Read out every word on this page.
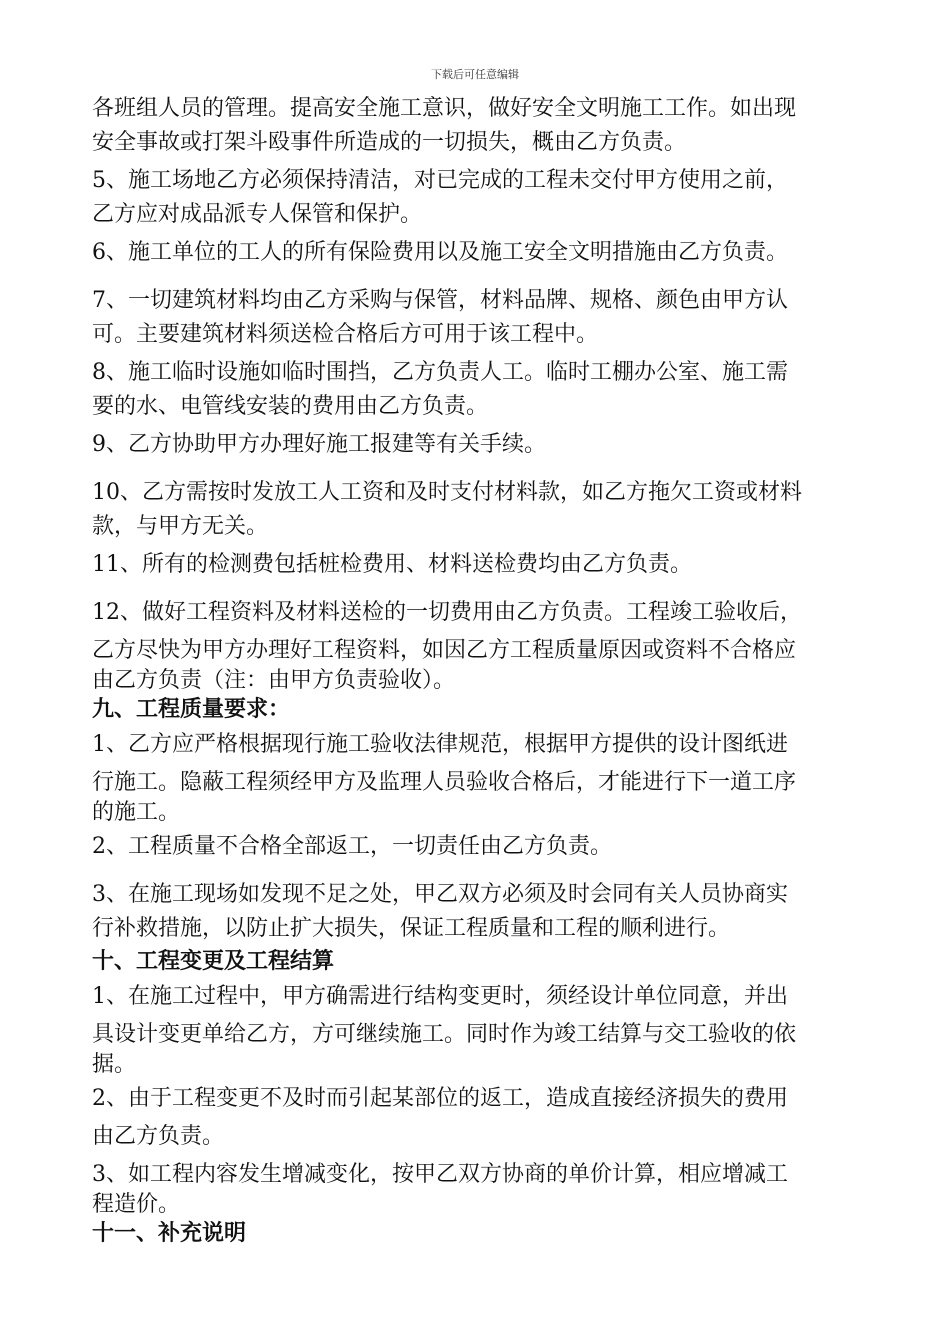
下载后可任意编辑
各班组人员的管理。提高安全施工意识，做好安全文明施工工作。如出现
安全事故或打架斗殴事件所造成的一切损失，概由乙方负责。
5、施工场地乙方必须保持清洁，对已完成的工程未交付甲方使用之前，
乙方应对成品派专人保管和保护。
6、施工单位的工人的所有保险费用以及施工安全文明措施由乙方负责。
7、一切建筑材料均由乙方采购与保管，材料品牌、规格、颜色由甲方认
可。主要建筑材料须送检合格后方可用于该工程中。
8、施工临时设施如临时围挡，乙方负责人工。临时工棚办公室、施工需
要的水、电管线安装的费用由乙方负责。
9、乙方协助甲方办理好施工报建等有关手续。
10、乙方需按时发放工人工资和及时支付材料款，如乙方拖欠工资或材料
款，与甲方无关。
11、所有的检测费包括桩检费用、材料送检费均由乙方负责。
12、做好工程资料及材料送检的一切费用由乙方负责。工程竣工验收后，
乙方尽快为甲方办理好工程资料，如因乙方工程质量原因或资料不合格应
由乙方负责（注：由甲方负责验收）。
九、工程质量要求：
1、乙方应严格根据现行施工验收法律规范，根据甲方提供的设计图纸进
行施工。隐蔽工程须经甲方及监理人员验收合格后，才能进行下一道工序
的施工。
2、工程质量不合格全部返工，一切责任由乙方负责。
3、在施工现场如发现不足之处，甲乙双方必须及时会同有关人员协商实
行补救措施，以防止扩大损失，保证工程质量和工程的顺利进行。
十、工程变更及工程结算
1、在施工过程中，甲方确需进行结构变更时，须经设计单位同意，并出
具设计变更单给乙方，方可继续施工。同时作为竣工结算与交工验收的依
据。
2、由于工程变更不及时而引起某部位的返工，造成直接经济损失的费用
由乙方负责。
3、如工程内容发生增减变化，按甲乙双方协商的单价计算，相应增减工
程造价。
十一、补充说明
